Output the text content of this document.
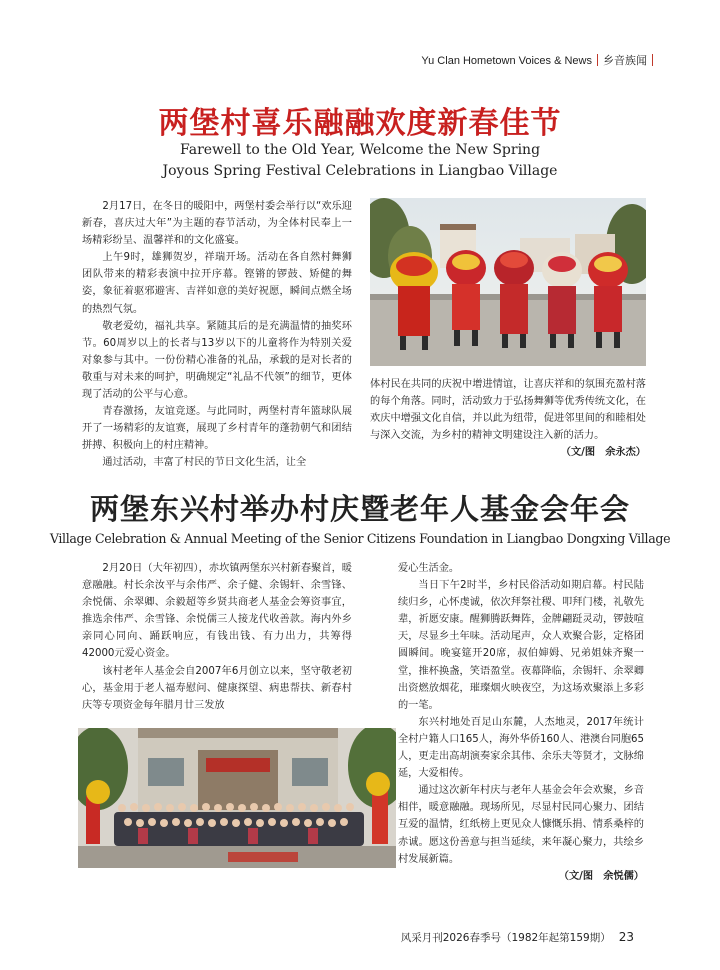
Yu Clan Hometown Voices & News 乡音族闻
两堡村喜乐融融欢度新春佳节
Farewell to the Old Year, Welcome the New Spring
Joyous Spring Festival Celebrations in Liangbao Village

2月17日，在冬日的暖阳中，两堡村委会举行以“欢乐迎新春，喜庆过大年”为主题的春节活动，为全体村民奉上一场精彩纷呈、温馨祥和的文化盛宴。

上午9时，雄狮贺岁，祥瑞开场。活动在各自然村舞狮团队带来的精彩表演中拉开序幕。铿锵的锣鼓、矫健的舞姿，象征着驱邪避害、吉祥如意的美好祝愿，瞬间点燃全场的热烈气氛。

敬老爱幼，福礼共享。紧随其后的是充满温情的抽奖环节。60周岁以上的长者与13岁以下的儿童将作为特别关爱对象参与其中。一份份精心准备的礼品，承载的是对长者的敬重与对未来的呵护，明确规定“礼品不代领”的细节，更体现了活动的公平与心意。

青春激扬，友谊竞逐。与此同时，两堡村青年篮球队展开了一场精彩的友谊赛，展现了乡村青年的蓬勃朝气和团结拼搏、积极向上的村庄精神。

通过活动，丰富了村民的节日文化生活，让全

体村民在共同的庆祝中增进情谊，让喜庆祥和的氛围充盈村落的每个角落。同时，活动致力于弘扬舞狮等优秀传统文化，在欢庆中增强文化自信，并以此为纽带，促进邻里间的和睦相处与深入交流，为乡村的精神文明建设注入新的活力。

（文/图　余永杰）

两堡东兴村举办村庆暨老年人基金会年会
Village Celebration & Annual Meeting of the Senior Citizens Foundation in Liangbao Dongxing Village

2月20日（大年初四），赤坎镇两堡东兴村新春聚首，暖意融融。村长余汝平与余伟严、余子健、余锡轩、余雪锋、余悦儒、余翠卿、余毅超等乡贤共商老人基金会筹资事宜，推选余伟严、余雪锋、余悦儒三人接龙代收善款。海内外乡亲同心同向、踊跃响应，有钱出钱、有力出力，共筹得42000元爱心资金。

该村老年人基金会自2007年6月创立以来，坚守敬老初心，基金用于老人福寿慰问、健康探望、病患帮扶、新春村庆等专项资金每年腊月廿三发放

爱心生活金。

当日下午2时半，乡村民俗活动如期启幕。村民陆续归乡，心怀虔诚，依次拜祭社稷、叩拜门楼，礼敬先辈，祈愿安康。醒狮腾跃舞阵，金牌翩跹灵动，锣鼓喧天，尽显乡土年味。活动尾声，众人欢聚合影，定格团圆瞬间。晚宴筵开20席，叔伯婶姆、兄弟姐妹齐聚一堂，推杯换盏，笑语盈堂。夜幕降临，余锡轩、余翠卿出资燃放烟花，璀璨烟火映夜空，为这场欢聚添上多彩的一笔。

东兴村地处百足山东麓，人杰地灵，2017年统计全村户籍人口165人，海外华侨160人、港澳台同胞65人，更走出高胡演奏家余其伟、余乐夫等贤才，文脉绵延，大爱相传。

通过这次新年村庆与老年人基金会年会欢聚，乡音相伴，暖意融融。现场所见，尽显村民同心聚力、团结互爱的温情，红纸榜上更见众人慷慨乐捐、情系桑梓的赤诚。愿这份善意与担当延续，来年凝心聚力，共绘乡村发展新篇。

（文/图　余悦儒）

风采月刊2026春季号（1982年起第159期） 23
